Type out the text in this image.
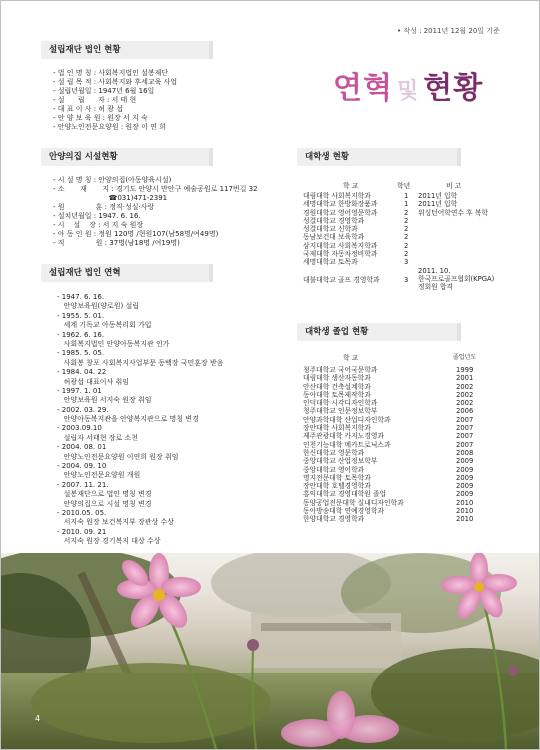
• 작성 : 2011년 12월 20일 기준
연혁 및 현황
설립재단 법인 현황
- 법 인 명 칭 : 사회복지법인 설봉재단
- 설 립 목 적 : 사회복지와 후세교육 사업
- 설립년월일 : 1947년 6월 16일
- 설      립      자 : 서 태 현
- 대 표 이 사 : 허 광 섭
- 안 양 보 육 원 : 원장 서 지 숙
- 안양노인전문요양원 : 원장 이 연 희
안양의집 시설현황
- 시 설 명 칭 : 안양의집(아동양육시설)
- 소       재       지 : 경기도 안양시 만안구 예술공원로 117번길 32
☎031)471-2391
- 원              훈 : 정직·성실·사랑
- 설치년월일 : 1947. 6. 16.
- 시    설    장 : 서 지 숙 원장
- 아 동 인 원 : 정원 120명 /현원107(남58명/여49명)
- 직              원 : 37명(남18명 /여19명)
설립재단 법인 연혁
- 1947. 6. 16.
안양보육원(양로원) 설립
- 1955. 5. 01.
세계 기독교 아동복리회 가입
- 1962. 6. 16.
사회복지법인 안양아동복지관 인가
- 1985. 5. 05.
사회봉 창포 사회복지사업부문 동백장 국민훈장 받음
- 1984. 04. 22
허광섭 대표이사 취임
- 1997. 1. 01
안양보육원 서지숙 원장 취임
- 2002. 03. 29.
안양아동복지관을 안양복지관으로 명칭 변경
- 2003.09.10
설립자 서태현 장로 소천
- 2004. 08. 01
안양노인전문요양원 이연희 원장 취임
- 2004. 09. 10
안양노인전문요양원 개원
- 2007. 11. 21.
설봉재단으로 법인 명칭 변경
안양의집으로 시설 명칭 변경
- 2010.05. 05.
서지숙 원장 보건복지부 장관상 수상
- 2010. 09. 21
서지숙 원장 경기복지 대상 수상
대학생 현황
학 교	학년	비 고
대림대학 사회복지학과	1 2011년 입학
세명대학교 한방화장품과	1 2011년 입학
경원대학교 영어영문학과	2 워싱턴어학연수 후 복학
성결대학교 경영학과	2
성결대학교 신학과	2
동남보건대 보육학과	2
삼지대학교 사회복지학과	2
국제대학 자동차정비학과	2
세명대학교 토목과	3
대불대학교 골프 경영학과	3
2011. 10.
한국프로골프협회(KPGA)
정회원 합격
대학생 졸업 현황
학 교	졸업년도
청주대학교 국어국문학과	1999
대림대학 생산자동학과	2001
안산대학 건축설계학과	2002
동아대학 토목제작학과	2002
인덕대학 시각디자인학과	2002
청주대학교 인문정보학부	2006
안양과학대학 산업디자인학과	2007
장안대학 사회복지학과	2007
제주관광대학 카지노경영과	2007
인천기능대학 메카트로닉스과	2007
한신대학교 영문학과	2008
중앙대학교 산업정보학부	2009
중앙대학교 영어학과	2009
명지전문대학 토목학과	2009
장안대학 호텔경영학과	2009
홍익대학교 경영대학원 졸업	2009
동양공업전문대학 실내디자인학과	2010
동아방송대학 연예경영학과	2010
한양대학교 경영학과	2010
4
